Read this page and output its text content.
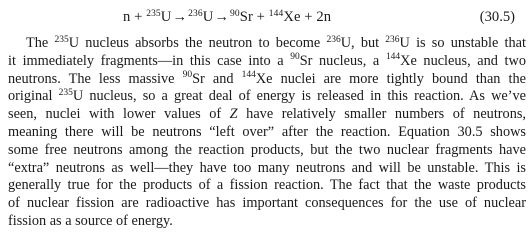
n + $^{235}$U→$^{236}$U→$^{90}$Sr + $^{144}$Xe + 2n	(30.5)
The $^{235}$U nucleus absorbs the neutron to become $^{236}$U, but $^{236}$U is so unstable that
it immediately fragments—in this case into a $^{90}$Sr nucleus, a $^{144}$Xe nucleus, and two
neutrons. The less massive $^{90}$Sr and $^{144}$Xe nuclei are more tightly bound than the
original $^{235}$U nucleus, so a great deal of energy is released in this reaction. As we’ve
seen, nuclei with lower values of Z have relatively smaller numbers of neutrons,
meaning there will be neutrons “left over” after the reaction. Equation 30.5 shows
some free neutrons among the reaction products, but the two nuclear fragments have
“extra” neutrons as well—they have too many neutrons and will be unstable. This is
generally true for the products of a fission reaction. The fact that the waste products
of nuclear fission are radioactive has important consequences for the use of nuclear
fission as a source of energy.
